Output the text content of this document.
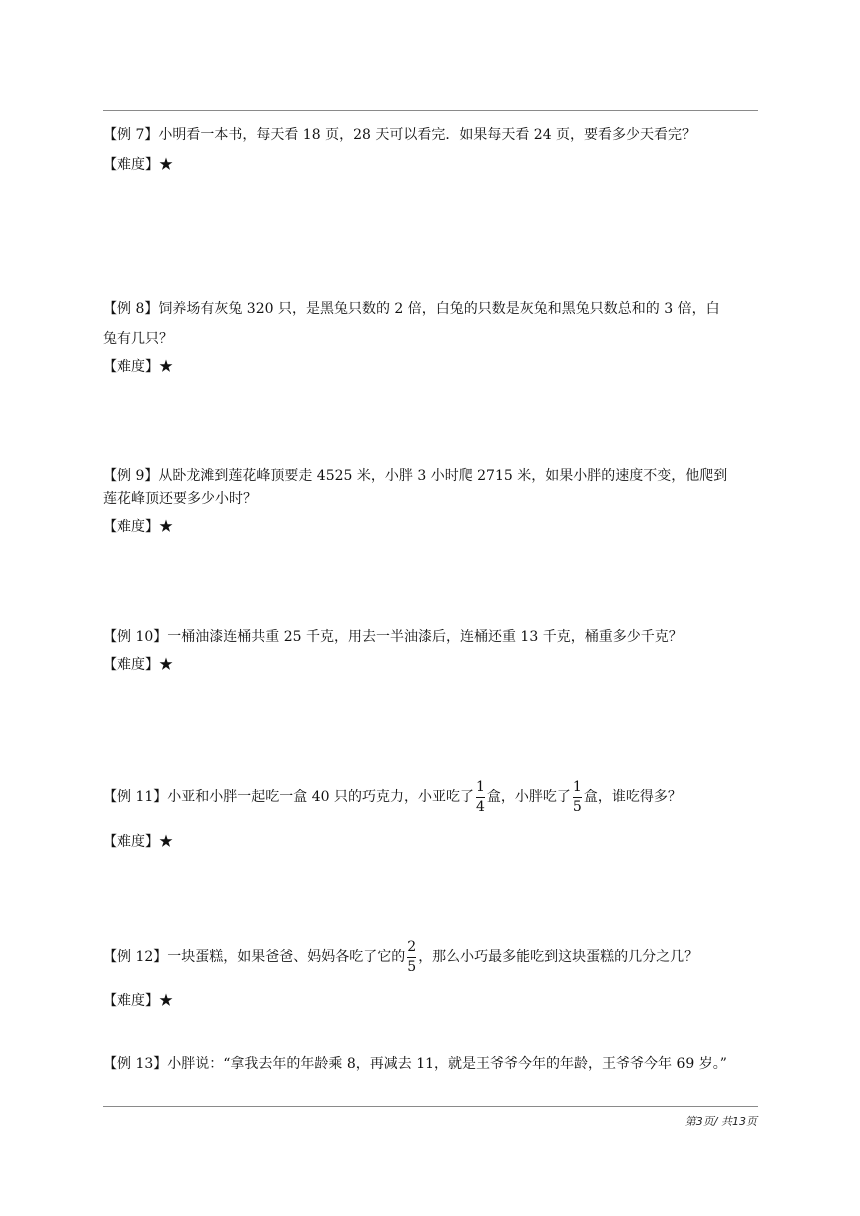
【例 7】小明看一本书，每天看 18 页，28 天可以看完．如果每天看 24 页，要看多少天看完？
【难度】★
【例 8】饲养场有灰兔 320 只，是黑兔只数的 2 倍，白兔的只数是灰兔和黑兔只数总和的 3 倍，白
兔有几只？
【难度】★
【例 9】从卧龙滩到莲花峰顶要走 4525 米，小胖 3 小时爬 2715 米，如果小胖的速度不变，他爬到
莲花峰顶还要多少小时？
【难度】★
【例 10】一桶油漆连桶共重 25 千克，用去一半油漆后，连桶还重 13 千克，桶重多少千克？
【难度】★
【例 11】小亚和小胖一起吃一盒 40 只的巧克力，小亚吃了 $\frac{1}{4}$ 盒，小胖吃了 $\frac{1}{5}$ 盒，谁吃得多？
【难度】★
【例 12】一块蛋糕，如果爸爸、妈妈各吃了它的 $\frac{2}{5}$ ，那么小巧最多能吃到这块蛋糕的几分之几？
【难度】★
【例 13】小胖说：“拿我去年的年龄乘 8，再减去 11，就是王爷爷今年的年龄，王爷爷今年 69 岁。”
第3页/ 共13页
